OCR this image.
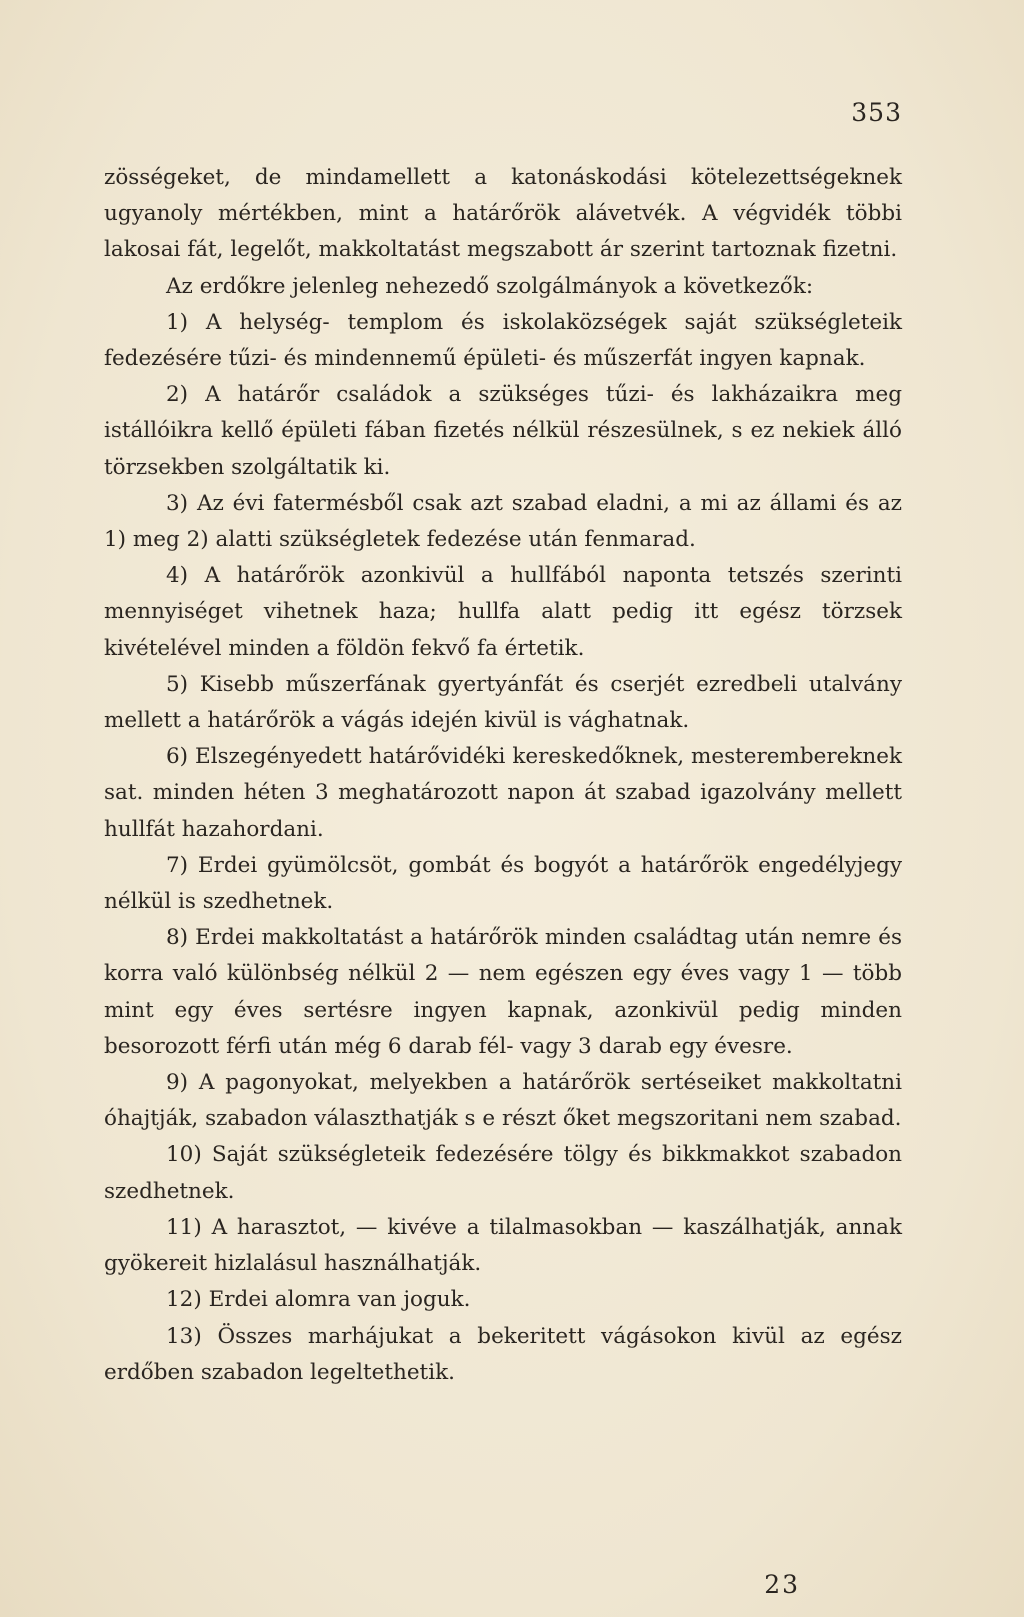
353

zösségeket, de mindamellett a katonáskodási kötelezettségeknek ugyanoly mértékben, mint a határőrök alávetvék. A végvidék többi lakosai fát, legelőt, makkoltatást megszabott ár szerint tartoznak fizetni.

Az erdőkre jelenleg nehezedő szolgálmányok a következők:

1) A helység- templom és iskolaközségek saját szükségleteik fedezésére tűzi- és mindennemű épületi- és műszerfát ingyen kapnak.

2) A határőr családok a szükséges tűzi- és lakházaikra meg istállóikra kellő épületi fában fizetés nélkül részesülnek, s ez nekiek álló törzsekben szolgáltatik ki.

3) Az évi fatermésből csak azt szabad eladni, a mi az állami és az 1) meg 2) alatti szükségletek fedezése után fenmarad.

4) A határőrök azonkivül a hullfából naponta tetszés szerinti mennyiséget vihetnek haza; hullfa alatt pedig itt egész törzsek kivételével minden a földön fekvő fa értetik.

5) Kisebb műszerfának gyertyánfát és cserjét ezredbeli utalvány mellett a határőrök a vágás idején kivül is vághatnak.

6) Elszegényedett határővidéki kereskedőknek, mesterembereknek sat. minden héten 3 meghatározott napon át szabad igazolvány mellett hullfát hazahordani.

7) Erdei gyümölcsöt, gombát és bogyót a határőrök engedélyjegy nélkül is szedhetnek.

8) Erdei makkoltatást a határőrök minden családtag után nemre és korra való különbség nélkül 2 — nem egészen egy éves vagy 1 — több mint egy éves sertésre ingyen kapnak, azonkivül pedig minden besorozott férfi után még 6 darab fél- vagy 3 darab egy évesre.

9) A pagonyokat, melyekben a határőrök sertéseiket makkoltatni óhajtják, szabadon választhatják s e részt őket megszoritani nem szabad.

10) Saját szükségleteik fedezésére tölgy és bikkmakkot szabadon szedhetnek.

11) A harasztot, — kivéve a tilalmasokban — kaszálhatják, annak gyökereit hizlalásul használhatják.

12) Erdei alomra van joguk.

13) Összes marhájukat a bekeritett vágásokon kivül az egész erdőben szabadon legeltethetik.

23
